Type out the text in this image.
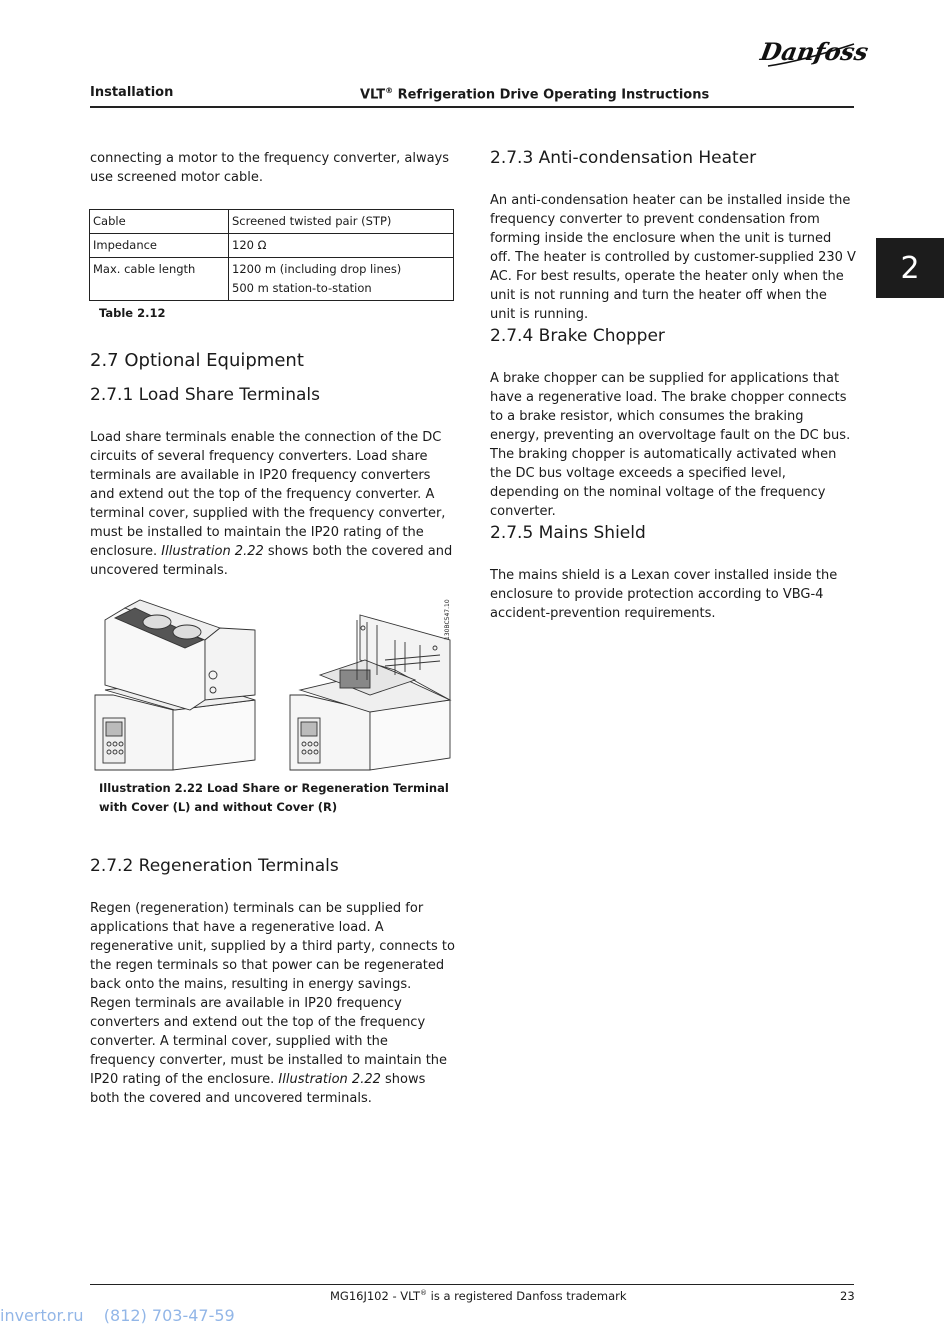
Danfoss
Installation	VLT® Refrigeration Drive Operating Instructions
2

connecting a motor to the frequency converter, always use screened motor cable.

Cable	Screened twisted pair (STP)
Impedance	120 Ω
Max. cable length	1200 m (including drop lines)
500 m station-to-station
Table 2.12
2.7 Optional Equipment
2.7.1 Load Share Terminals

Load share terminals enable the connection of the DC circuits of several frequency converters. Load share terminals are available in IP20 frequency converters and extend out the top of the frequency converter. A terminal cover, supplied with the frequency converter, must be installed to maintain the IP20 rating of the enclosure. Illustration 2.22 shows both the covered and uncovered terminals.

130BC547.10
Illustration 2.22 Load Share or Regeneration Terminal with Cover (L) and without Cover (R)
2.7.2 Regeneration Terminals

Regen (regeneration) terminals can be supplied for applications that have a regenerative load. A regenerative unit, supplied by a third party, connects to the regen terminals so that power can be regenerated back onto the mains, resulting in energy savings. Regen terminals are available in IP20 frequency converters and extend out the top of the frequency converter. A terminal cover, supplied with the frequency converter, must be installed to maintain the IP20 rating of the enclosure. Illustration 2.22 shows both the covered and uncovered terminals.

2.7.3 Anti-condensation Heater

An anti-condensation heater can be installed inside the frequency converter to prevent condensation from forming inside the enclosure when the unit is turned off. The heater is controlled by customer-supplied 230 V AC. For best results, operate the heater only when the unit is not running and turn the heater off when the unit is running.

2.7.4 Brake Chopper

A brake chopper can be supplied for applications that have a regenerative load. The brake chopper connects to a brake resistor, which consumes the braking energy, preventing an overvoltage fault on the DC bus. The braking chopper is automatically activated when the DC bus voltage exceeds a specified level, depending on the nominal voltage of the frequency converter.

2.7.5 Mains Shield

The mains shield is a Lexan cover installed inside the enclosure to provide protection according to VBG-4 accident-prevention requirements.

MG16J102 - VLT® is a registered Danfoss trademark	23
invertor.ru    (812) 703-47-59
